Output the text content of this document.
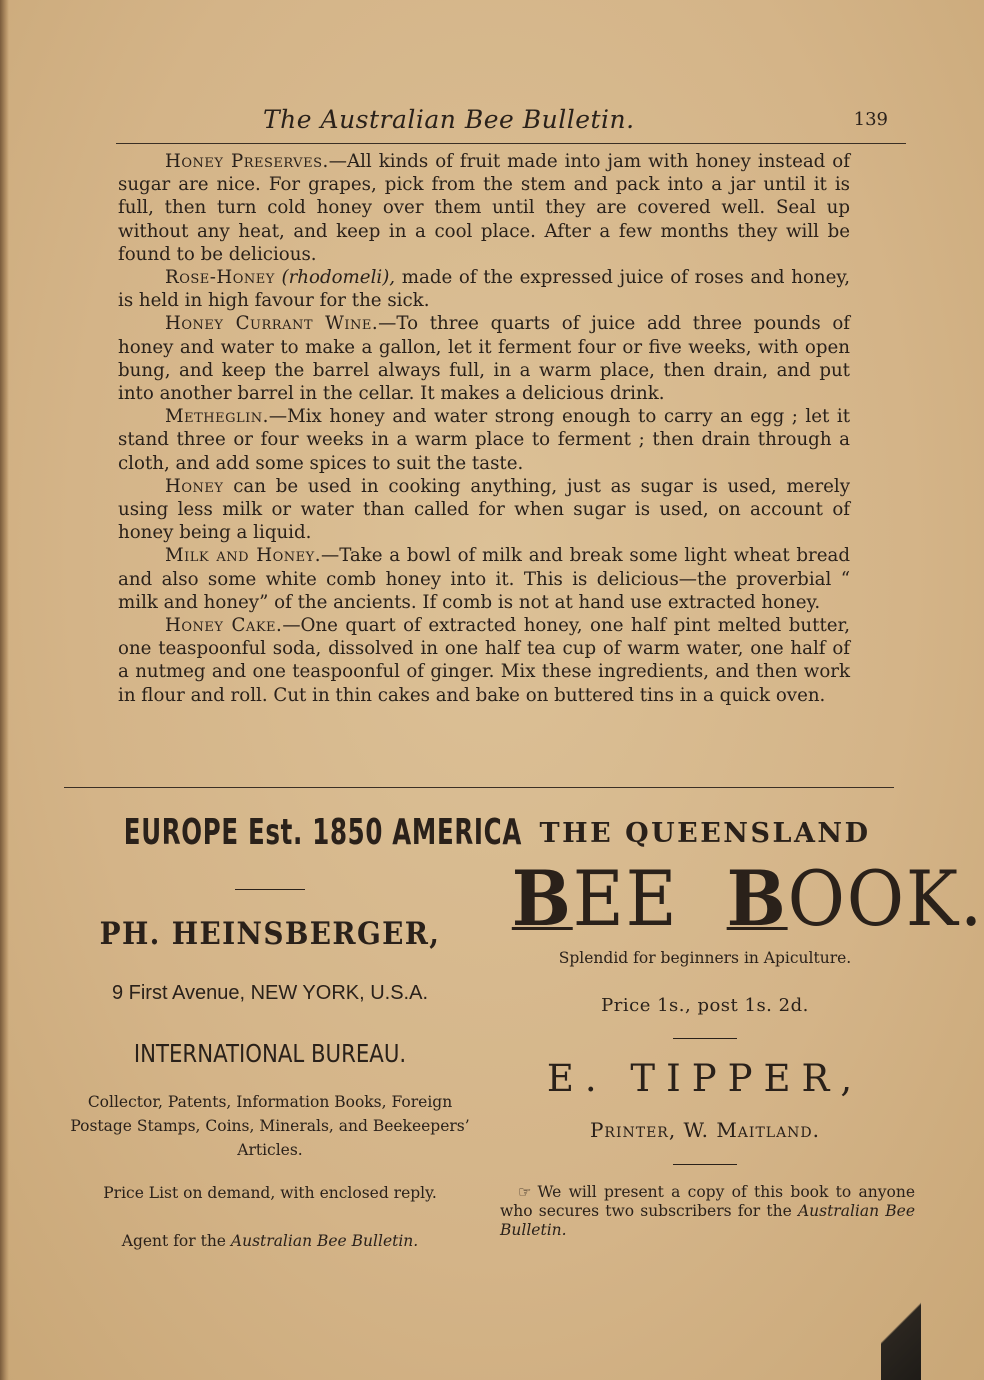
The Australian Bee Bulletin.	139

Honey Preserves.—All kinds of fruit made into jam with honey instead of sugar are nice. For grapes, pick from the stem and pack into a jar until it is full, then turn cold honey over them until they are covered well. Seal up without any heat, and keep in a cool place. After a few months they will be found to be delicious.

Rose-Honey (rhodomeli), made of the expressed juice of roses and honey, is held in high favour for the sick.

Honey Currant Wine.—To three quarts of juice add three pounds of honey and water to make a gallon, let it ferment four or five weeks, with open bung, and keep the barrel always full, in a warm place, then drain, and put into another barrel in the cellar. It makes a delicious drink.

Metheglin.—Mix honey and water strong enough to carry an egg ; let it stand three or four weeks in a warm place to ferment ; then drain through a cloth, and add some spices to suit the taste.

Honey can be used in cooking anything, just as sugar is used, merely using less milk or water than called for when sugar is used, on account of honey being a liquid.

Milk and Honey.—Take a bowl of milk and break some light wheat bread and also some white comb honey into it. This is delicious—the proverbial “ milk and honey” of the ancients. If comb is not at hand use extracted honey.

Honey Cake.—One quart of extracted honey, one half pint melted butter, one teaspoonful soda, dissolved in one half tea cup of warm water, one half of a nutmeg and one teaspoonful of ginger. Mix these ingredients, and then work in flour and roll. Cut in thin cakes and bake on buttered tins in a quick oven.

EUROPE Est. 1850 AMERICA
PH. HEINSBERGER,
9 First Avenue, NEW YORK, U.S.A.
INTERNATIONAL BUREAU.
Collector, Patents, Information Books, Foreign Postage Stamps, Coins, Minerals, and Beekeepers’ Articles.
Price List on demand, with enclosed reply.
Agent for the Australian Bee Bulletin.
THE QUEENSLAND
BEE BOOK.
Splendid for beginners in Apiculture.
Price 1s., post 1s. 2d.
E. TIPPER,
Printer, W. Maitland.
☞ We will present a copy of this book to anyone who secures two subscribers for the Australian Bee Bulletin.
